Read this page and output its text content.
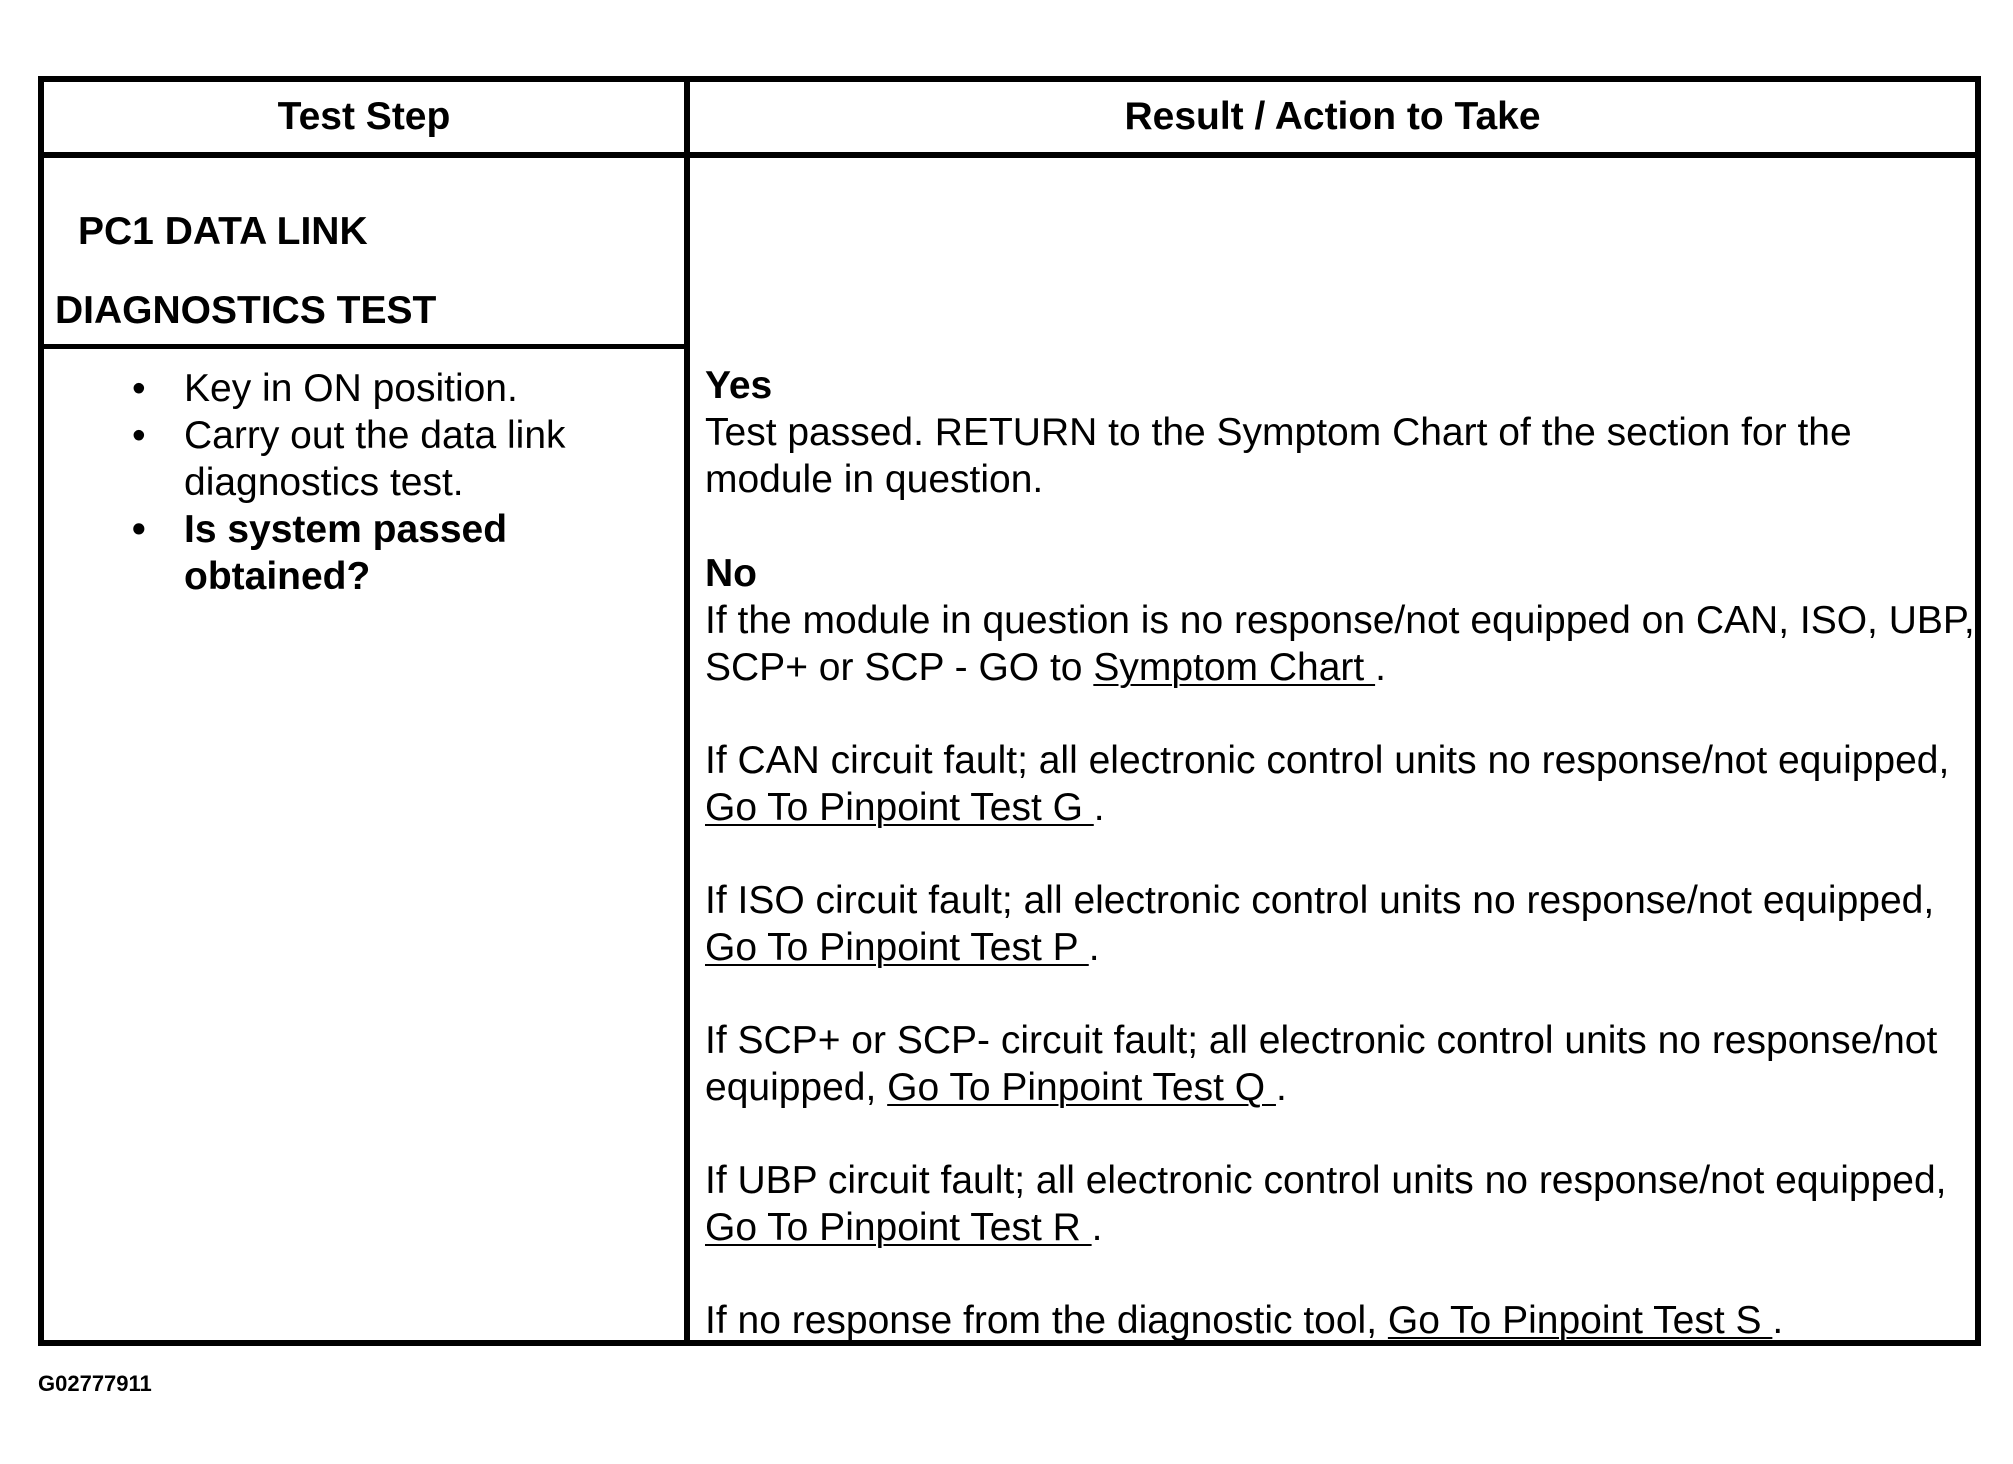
Test Step	Result / Action to Take
PC1 DATA LINK
DIAGNOSTICS TEST
• Key in ON position.
• Carry out the data link diagnostics test.
• Is system passed obtained?

Yes

Test passed. RETURN to the Symptom Chart of the section for the module in question.

No

If the module in question is no response/not equipped on CAN, ISO, UBP, SCP+ or SCP - GO to Symptom Chart .

If CAN circuit fault; all electronic control units no response/not equipped, Go To Pinpoint Test G .

If ISO circuit fault; all electronic control units no response/not equipped, Go To Pinpoint Test P .

If SCP+ or SCP- circuit fault; all electronic control units no response/not equipped, Go To Pinpoint Test Q .

If UBP circuit fault; all electronic control units no response/not equipped, Go To Pinpoint Test R .

If no response from the diagnostic tool, Go To Pinpoint Test S .

G02777911
